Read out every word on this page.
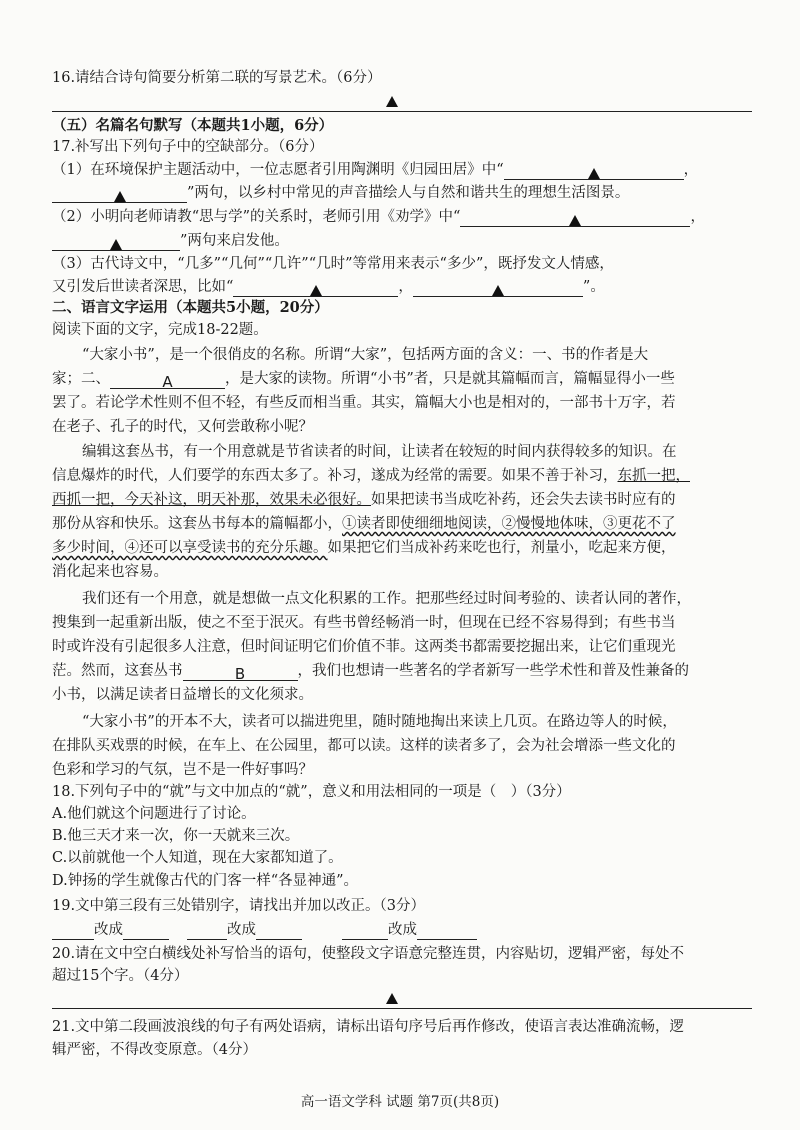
16.请结合诗句简要分析第二联的写景艺术。（6分）
（五）名篇名句默写（本题共1小题，6分）
17.补写出下列句子中的空缺部分。（6分）
（1）在环境保护主题活动中，一位志愿者引用陶渊明《归园田居》中“	，
”两句，以乡村中常见的声音描绘人与自然和谐共生的理想生活图景。
（2）小明向老师请教“思与学”的关系时，老师引用《劝学》中“	，
”两句来启发他。
（3）古代诗文中，“几多”“几何”“几许”“几时”等常用来表示“多少”，既抒发文人情感，
又引发后世读者深思，比如“	，	”。
二、语言文字运用（本题共5小题，20分）
阅读下面的文字，完成18-22题。
“大家小书”，是一个很俏皮的名称。所谓“大家”，包括两方面的含义：一、书的作者是大
家；二、	A	，是大家的读物。所谓“小书”者，只是就其篇幅而言，篇幅显得小一些
罢了。若论学术性则不但不轻，有些反而相当重。其实，篇幅大小也是相对的，一部书十万字，若
在老子、孔子的时代，又何尝敢称小呢？
编辑这套丛书，有一个用意就是节省读者的时间，让读者在较短的时间内获得较多的知识。在
信息爆炸的时代，人们要学的东西太多了。补习，遂成为经常的需要。如果不善于补习，东抓一把，
西抓一把，今天补这，明天补那，效果未必很好。如果把读书当成吃补药，还会失去读书时应有的
那份从容和快乐。这套丛书每本的篇幅都小，①读者即使细细地阅读，②慢慢地体味，③更花不了
多少时间，④还可以享受读书的充分乐趣。如果把它们当成补药来吃也行，剂量小，吃起来方便，
消化起来也容易。
我们还有一个用意，就是想做一点文化积累的工作。把那些经过时间考验的、读者认同的著作，
搜集到一起重新出版，使之不至于泯灭。有些书曾经畅消一时，但现在已经不容易得到；有些书当
时或许没有引起很多人注意，但时间证明它们价值不菲。这两类书都需要挖掘出来，让它们重现光
茫。然而，这套丛书	B	，我们也想请一些著名的学者新写一些学术性和普及性兼备的
小书，以满足读者日益增长的文化须求。
“大家小书”的开本不大，读者可以揣进兜里，随时随地掏出来读上几页。在路边等人的时候，
在排队买戏票的时候，在车上、在公园里，都可以读。这样的读者多了，会为社会增添一些文化的
色彩和学习的气氛，岂不是一件好事吗？
18.下列句子中的“就”与文中加点的“就”，意义和用法相同的一项是（　）（3分）
A.他们就这个问题进行了讨论。
B.他三天才来一次，你一天就来三次。
C.以前就他一个人知道，现在大家都知道了。
D.钟扬的学生就像古代的门客一样“各显神通”。
19.文中第三段有三处错别字，请找出并加以改正。（3分）
改成	改成	改成
20.请在文中空白横线处补写恰当的语句，使整段文字语意完整连贯，内容贴切，逻辑严密，每处不
超过15个字。（4分）
21.文中第二段画波浪线的句子有两处语病，请标出语句序号后再作修改，使语言表达准确流畅，逻
辑严密，不得改变原意。（4分）
高一语文学科 试题 第7页(共8页)
